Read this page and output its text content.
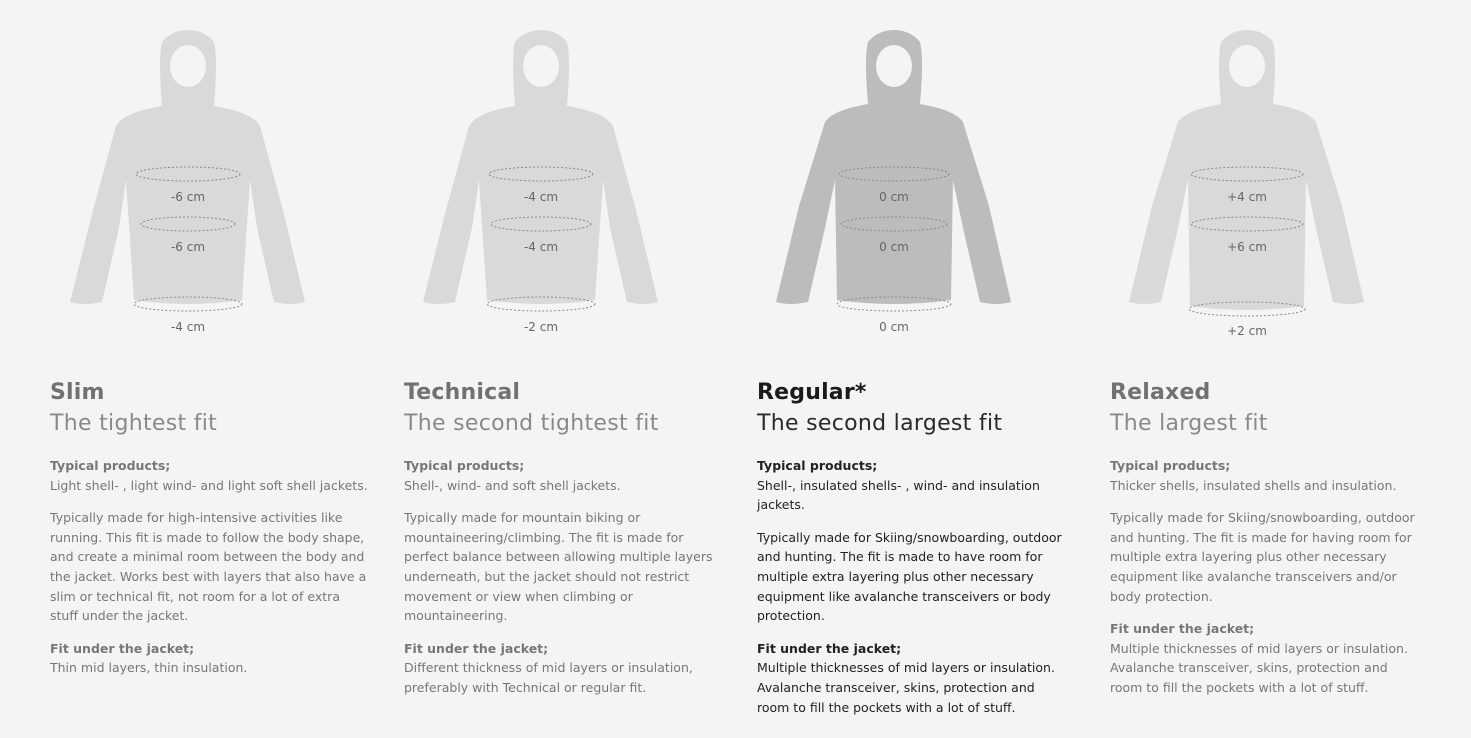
-6 cm
-6 cm
-4 cm
Slim
The tightest fit

Typical products;
Light shell- , light wind- and light soft shell jackets.

Typically made for high-intensive activities like running. This fit is made to follow the body shape, and create a minimal room between the body and the jacket. Works best with layers that also have a slim or technical fit, not room for a lot of extra stuff under the jacket.

Fit under the jacket;
Thin mid layers, thin insulation.

-4 cm
-4 cm
-2 cm
Technical
The second tightest fit

Typical products;
Shell-, wind- and soft shell jackets.

Typically made for mountain biking or mountaineering/climbing. The fit is made for perfect balance between allowing multiple layers underneath, but the jacket should not restrict movement or view when climbing or mountaineering.

Fit under the jacket;
Different thickness of mid layers or insulation, preferably with Technical or regular fit.

0 cm
0 cm
0 cm
Regular*
The second largest fit

Typical products;
Shell-, insulated shells- , wind- and insulation jackets.

Typically made for Skiing/snowboarding, outdoor and hunting. The fit is made to have room for multiple extra layering plus other necessary equipment like avalanche transceivers or body protection.

Fit under the jacket;
Multiple thicknesses of mid layers or insulation. Avalanche transceiver, skins, protection and room to fill the pockets with a lot of stuff.

+4 cm
+6 cm
+2 cm
Relaxed
The largest fit

Typical products;
Thicker shells, insulated shells and insulation.

Typically made for Skiing/snowboarding, outdoor and hunting. The fit is made for having room for multiple extra layering plus other necessary equipment like avalanche transceivers and/or body protection.

Fit under the jacket;
Multiple thicknesses of mid layers or insulation. Avalanche transceiver, skins, protection and room to fill the pockets with a lot of stuff.
